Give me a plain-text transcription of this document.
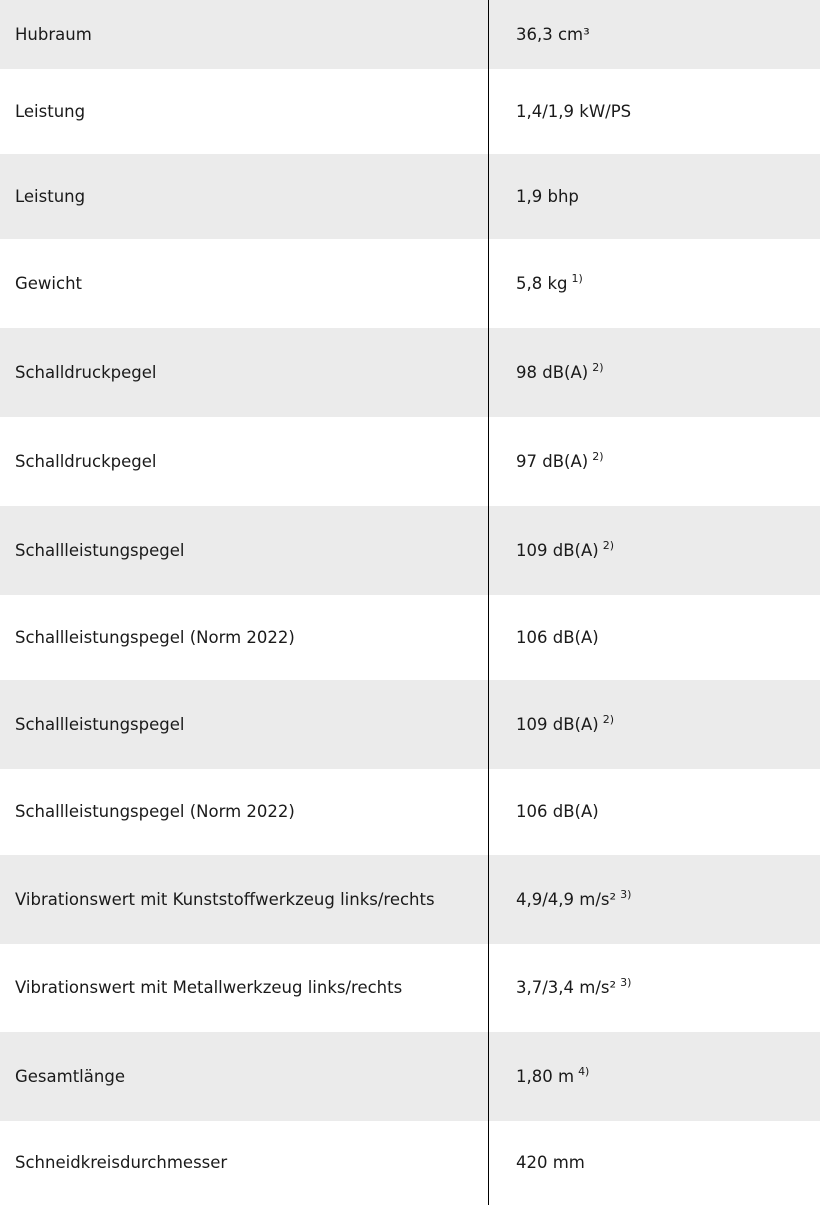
Hubraum	36,3 cm³
Leistung	1,4/1,9 kW/PS
Leistung	1,9 bhp
Gewicht	5,8 kg $^{1)}$
Schalldruckpegel	98 dB(A) $^{2)}$
Schalldruckpegel	97 dB(A) $^{2)}$
Schallleistungspegel	109 dB(A) $^{2)}$
Schallleistungspegel (Norm 2022)	106 dB(A)
Schallleistungspegel	109 dB(A) $^{2)}$
Schallleistungspegel (Norm 2022)	106 dB(A)
Vibrationswert mit Kunststoffwerkzeug links/rechts	4,9/4,9 m/s² $^{3)}$
Vibrationswert mit Metallwerkzeug links/rechts	3,7/3,4 m/s² $^{3)}$
Gesamtlänge	1,80 m $^{4)}$
Schneidkreisdurchmesser	420 mm
